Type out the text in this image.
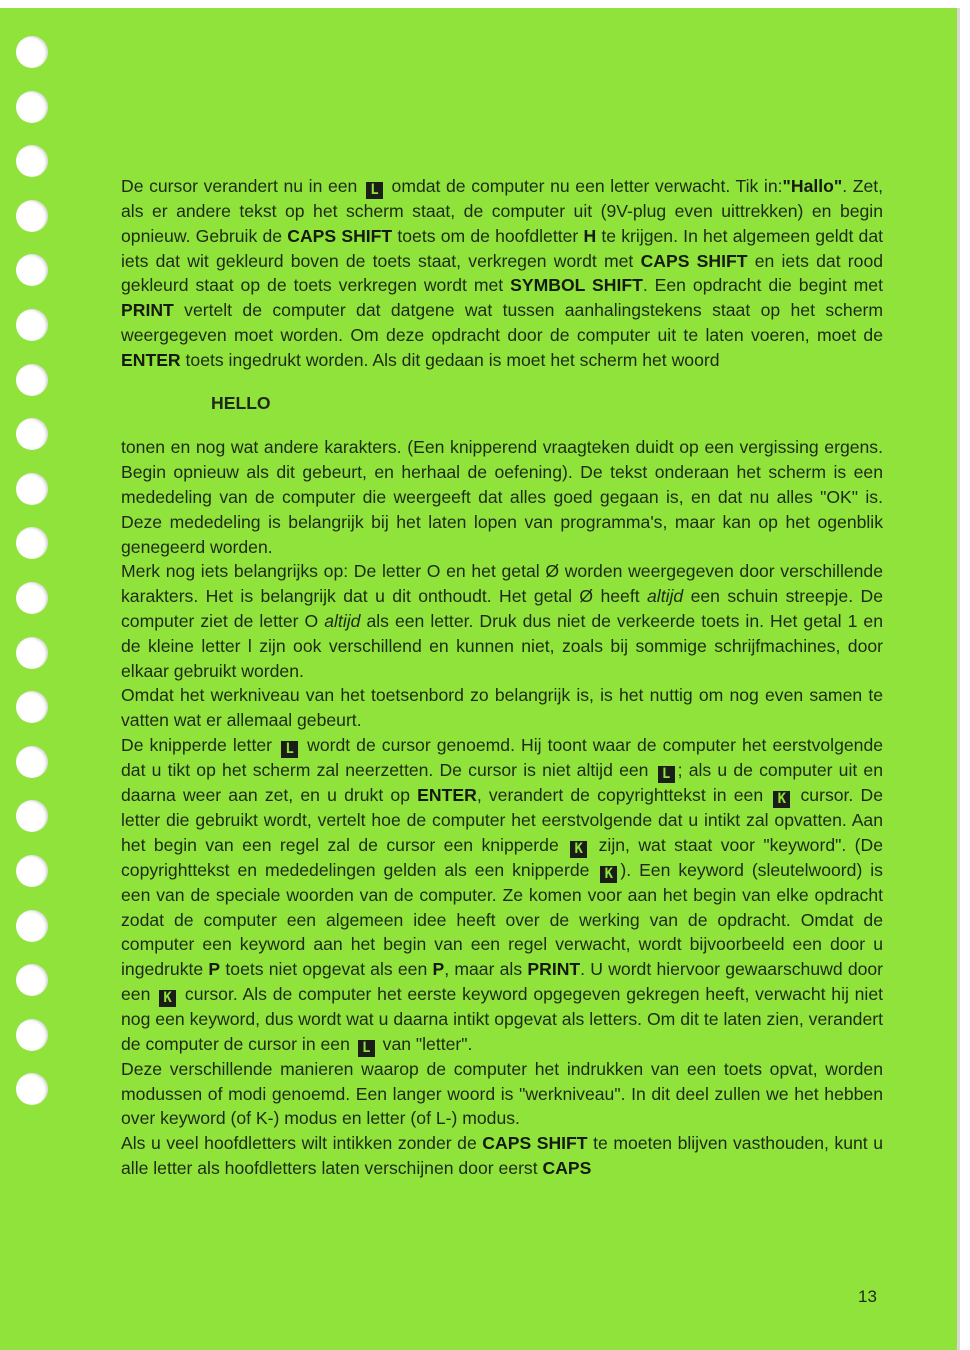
De cursor verandert nu in een L omdat de computer nu een letter verwacht. Tik in:"Hallo". Zet, als er andere tekst op het scherm staat, de computer uit (9V-plug even uittrekken) en begin opnieuw. Gebruik de CAPS SHIFT toets om de hoofdletter H te krijgen. In het algemeen geldt dat iets dat wit gekleurd boven de toets staat, verkregen wordt met CAPS SHIFT en iets dat rood gekleurd staat op de toets verkregen wordt met SYMBOL SHIFT. Een opdracht die begint met PRINT vertelt de computer dat datgene wat tussen aanhalingstekens staat op het scherm weergegeven moet worden. Om deze opdracht door de computer uit te laten voeren, moet de ENTER toets ingedrukt worden. Als dit gedaan is moet het scherm het woord

HELLO

tonen en nog wat andere karakters. (Een knipperend vraagteken duidt op een vergissing ergens. Begin opnieuw als dit gebeurt, en herhaal de oefening). De tekst onderaan het scherm is een mededeling van de computer die weergeeft dat alles goed gegaan is, en dat nu alles "OK" is. Deze mededeling is belangrijk bij het laten lopen van programma's, maar kan op het ogenblik genegeerd worden.

Merk nog iets belangrijks op: De letter O en het getal Ø worden weergegeven door verschillende karakters. Het is belangrijk dat u dit onthoudt. Het getal Ø heeft altijd een schuin streepje. De computer ziet de letter O altijd als een letter. Druk dus niet de verkeerde toets in. Het getal 1 en de kleine letter l zijn ook verschillend en kunnen niet, zoals bij sommige schrijfmachines, door elkaar gebruikt worden.

Omdat het werkniveau van het toetsenbord zo belangrijk is, is het nuttig om nog even samen te vatten wat er allemaal gebeurt.

De knipperde letter L wordt de cursor genoemd. Hij toont waar de computer het eerstvolgende dat u tikt op het scherm zal neerzetten. De cursor is niet altijd een L ; als u de computer uit en daarna weer aan zet, en u drukt op ENTER, verandert de copyrighttekst in een K cursor. De letter die gebruikt wordt, vertelt hoe de computer het eerstvolgende dat u intikt zal opvatten. Aan het begin van een regel zal de cursor een knipperde K zijn, wat staat voor "keyword". (De copyrighttekst en mededelingen gelden als een knipperde K ). Een keyword (sleutelwoord) is een van de speciale woorden van de computer. Ze komen voor aan het begin van elke opdracht zodat de computer een algemeen idee heeft over de werking van de opdracht. Omdat de computer een keyword aan het begin van een regel verwacht, wordt bijvoorbeeld een door u ingedrukte P toets niet opgevat als een P, maar als PRINT. U wordt hiervoor gewaarschuwd door een K cursor. Als de computer het eerste keyword opgegeven gekregen heeft, verwacht hij niet nog een keyword, dus wordt wat u daarna intikt opgevat als letters. Om dit te laten zien, verandert de computer de cursor in een L van "letter".

Deze verschillende manieren waarop de computer het indrukken van een toets opvat, worden modussen of modi genoemd. Een langer woord is "werkniveau". In dit deel zullen we het hebben over keyword (of K-) modus en letter (of L-) modus.

Als u veel hoofdletters wilt intikken zonder de CAPS SHIFT te moeten blijven vasthouden, kunt u alle letter als hoofdletters laten verschijnen door eerst CAPS

13
